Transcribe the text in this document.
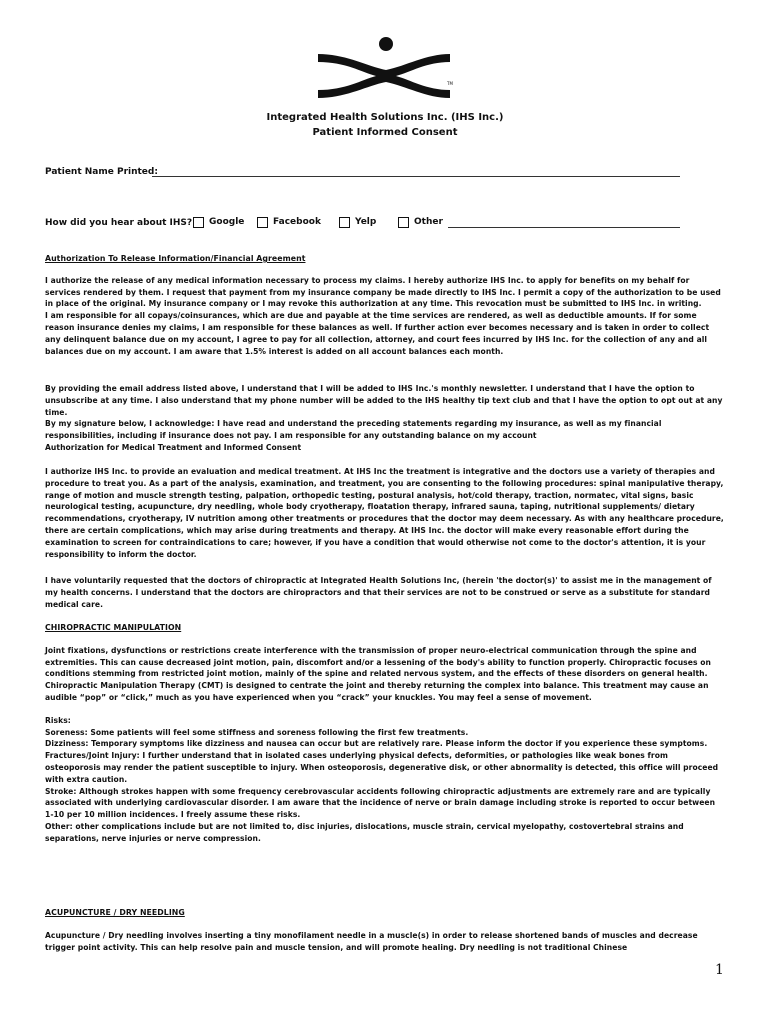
TM
Integrated Health Solutions Inc. (IHS Inc.)
Patient Informed Consent
Patient Name Printed:
How did you hear about IHS? Google	Facebook	Yelp	Other

Authorization To Release Information/Financial Agreement

I authorize the release of any medical information necessary to process my claims. I hereby authorize IHS Inc. to apply for benefits on my behalf for services rendered by them. I request that payment from my insurance company be made directly to IHS Inc. I permit a copy of the authorization to be used in place of the original. My insurance company or I may revoke this authorization at any time. This revocation must be submitted to IHS Inc. in writing.

I am responsible for all copays/coinsurances, which are due and payable at the time services are rendered, as well as deductible amounts. If for some reason insurance denies my claims, I am responsible for these balances as well. If further action ever becomes necessary and is taken in order to collect any delinquent balance due on my account, I agree to pay for all collection, attorney, and court fees incurred by IHS Inc. for the collection of any and all balances due on my account. I am aware that 1.5% interest is added on all account balances each month.

By providing the email address listed above, I understand that I will be added to IHS Inc.'s monthly newsletter. I understand that I have the option to unsubscribe at any time. I also understand that my phone number will be added to the IHS healthy tip text club and that I have the option to opt out at any time.

By my signature below, I acknowledge: I have read and understand the preceding statements regarding my insurance, as well as my financial responsibilities, including if insurance does not pay. I am responsible for any outstanding balance on my account

Authorization for Medical Treatment and Informed Consent

I authorize IHS Inc. to provide an evaluation and medical treatment. At IHS Inc the treatment is integrative and the doctors use a variety of therapies and procedure to treat you. As a part of the analysis, examination, and treatment, you are consenting to the following procedures: spinal manipulative therapy, range of motion and muscle strength testing, palpation, orthopedic testing, postural analysis, hot/cold therapy, traction, normatec, vital signs, basic neurological testing, acupuncture, dry needling, whole body cryotherapy, floatation therapy, infrared sauna, taping, nutritional supplements/ dietary recommendations, cryotherapy, IV nutrition among other treatments or procedures that the doctor may deem necessary. As with any healthcare procedure, there are certain complications, which may arise during treatments and therapy. At IHS Inc. the doctor will make every reasonable effort during the examination to screen for contraindications to care; however, if you have a condition that would otherwise not come to the doctor's attention, it is your responsibility to inform the doctor.

I have voluntarily requested that the doctors of chiropractic at Integrated Health Solutions Inc, (herein 'the doctor(s)' to assist me in the management of my health concerns. I understand that the doctors are chiropractors and that their services are not to be construed or serve as a substitute for standard medical care.

CHIROPRACTIC MANIPULATION

Joint fixations, dysfunctions or restrictions create interference with the transmission of proper neuro-electrical communication through the spine and extremities. This can cause decreased joint motion, pain, discomfort and/or a lessening of the body's ability to function properly. Chiropractic focuses on conditions stemming from restricted joint motion, mainly of the spine and related nervous system, and the effects of these disorders on general health. Chiropractic Manipulation Therapy (CMT) is designed to centrate the joint and thereby returning the complex into balance. This treatment may cause an audible “pop” or “click,” much as you have experienced when you “crack” your knuckles. You may feel a sense of movement.

Risks:

Soreness: Some patients will feel some stiffness and soreness following the first few treatments.

Dizziness: Temporary symptoms like dizziness and nausea can occur but are relatively rare. Please inform the doctor if you experience these symptoms.

Fractures/Joint Injury: I further understand that in isolated cases underlying physical defects, deformities, or pathologies like weak bones from osteoporosis may render the patient susceptible to injury. When osteoporosis, degenerative disk, or other abnormality is detected, this office will proceed with extra caution.

Stroke: Although strokes happen with some frequency cerebrovascular accidents following chiropractic adjustments are extremely rare and are typically associated with underlying cardiovascular disorder. I am aware that the incidence of nerve or brain damage including stroke is reported to occur between 1-10 per 10 million incidences. I freely assume these risks.

Other: other complications include but are not limited to, disc injuries, dislocations, muscle strain, cervical myelopathy, costovertebral strains and separations, nerve injuries or nerve compression.

ACUPUNCTURE / DRY NEEDLING

Acupuncture / Dry needling involves inserting a tiny monofilament needle in a muscle(s) in order to release shortened bands of muscles and decrease trigger point activity. This can help resolve pain and muscle tension, and will promote healing. Dry needling is not traditional Chinese

1
